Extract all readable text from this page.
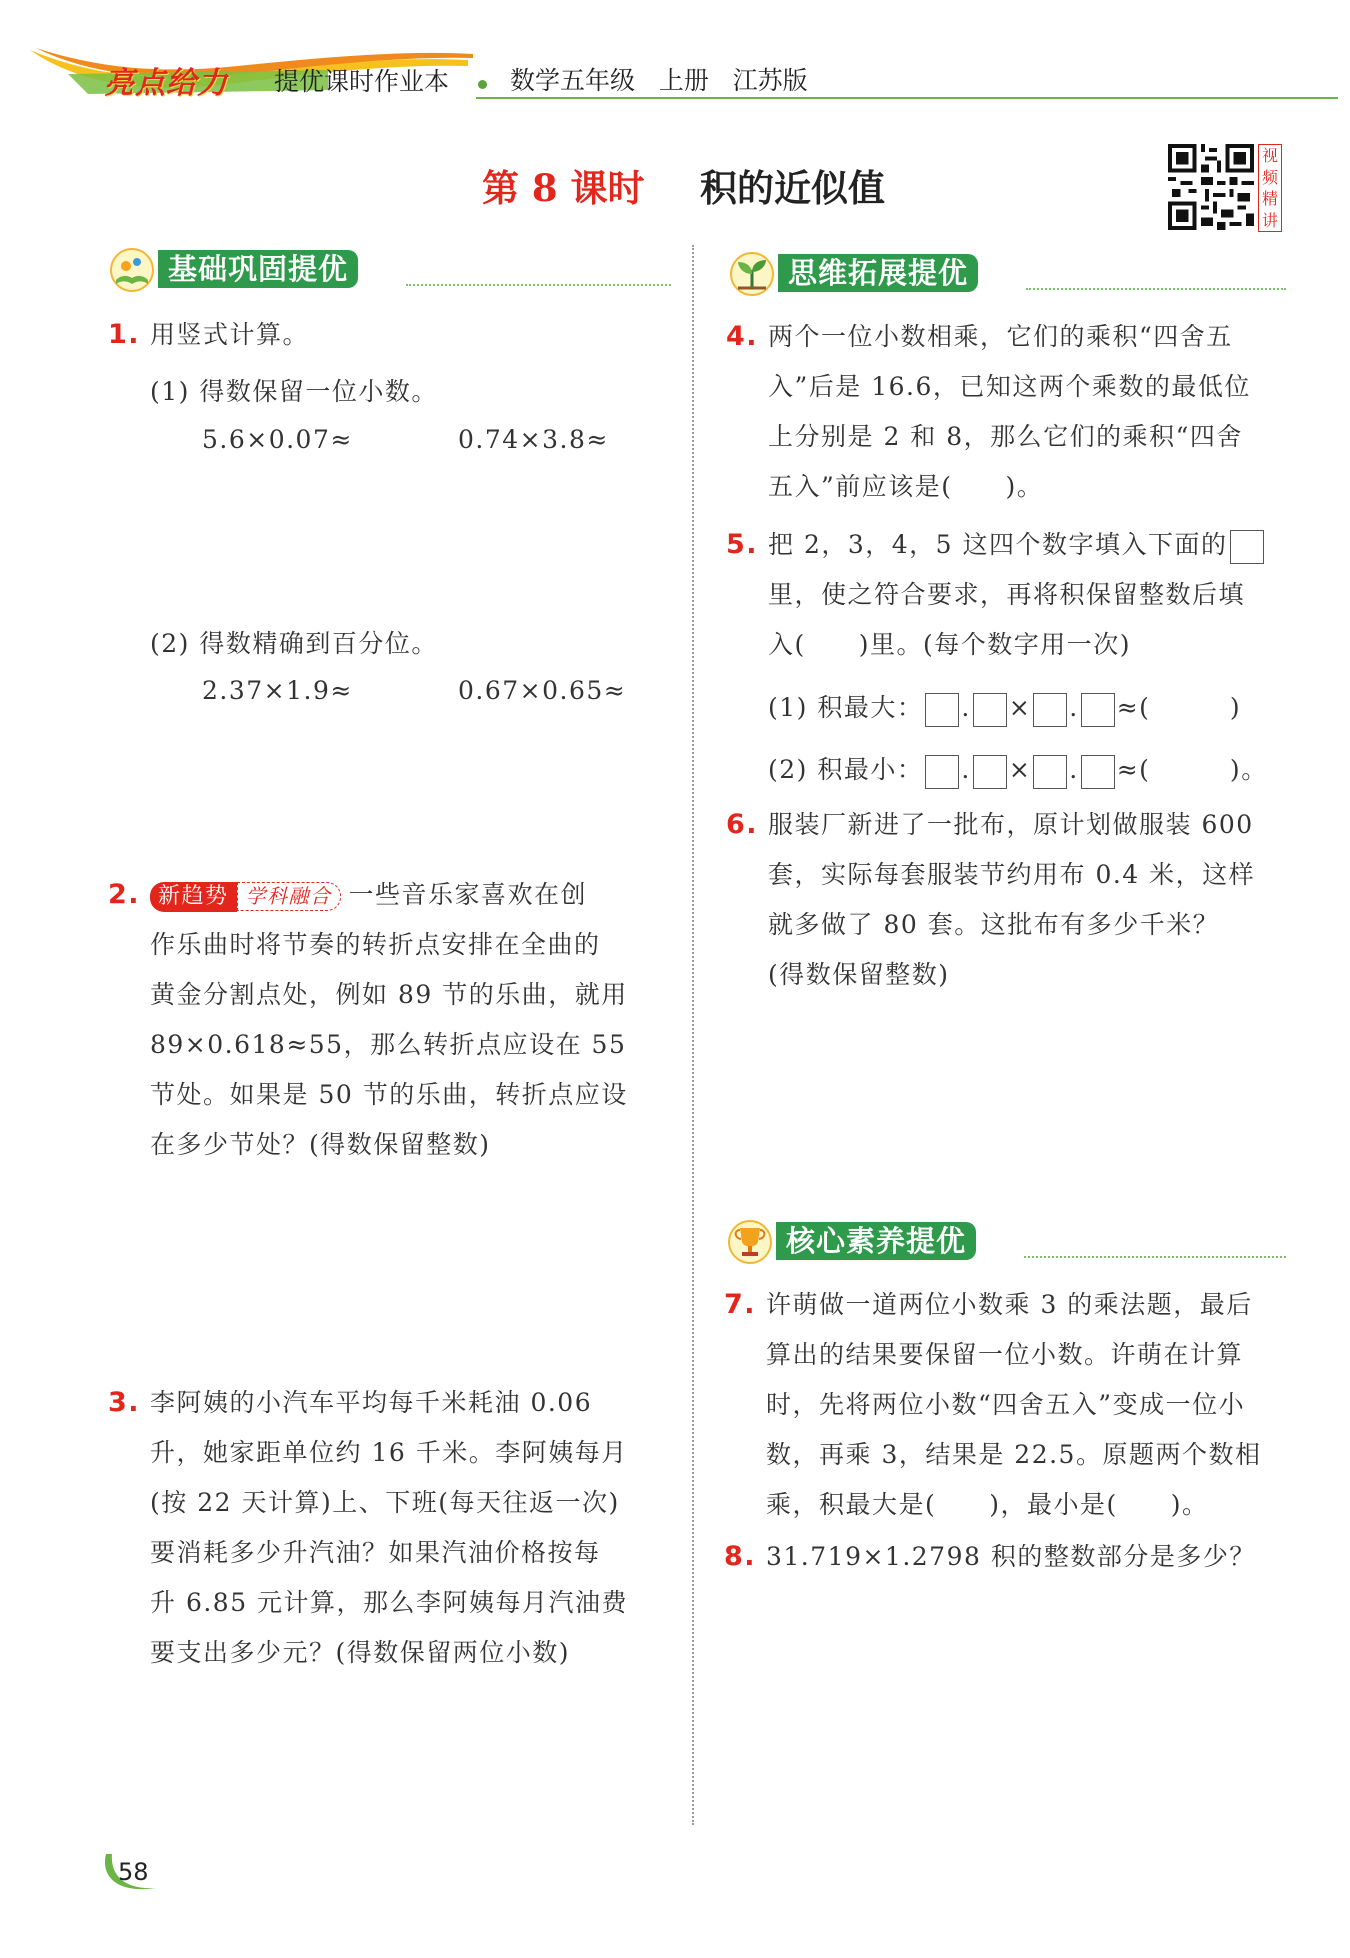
亮点给力 提优课时作业本 数学五年级   上册   江苏版
第 8 课时 积的近似值
视频精讲
基础巩固提优	思维拓展提优
核心素养提优
1. 用竖式计算。
(1) 得数保留一位小数。
5.6×0.07≈	0.74×3.8≈
(2) 得数精确到百分位。
2.37×1.9≈	0.67×0.65≈
2. 新趋势 学科融合 一些音乐家喜欢在创
作乐曲时将节奏的转折点安排在全曲的
黄金分割点处，例如 89 节的乐曲，就用
89×0.618≈55，那么转折点应设在 55
节处。如果是 50 节的乐曲，转折点应设
在多少节处？(得数保留整数)
3. 李阿姨的小汽车平均每千米耗油 0.06
升，她家距单位约 16 千米。李阿姨每月
(按 22 天计算)上、下班(每天往返一次)
要消耗多少升汽油？如果汽油价格按每
升 6.85 元计算，那么李阿姨每月汽油费
要支出多少元？(得数保留两位小数)
4. 两个一位小数相乘，它们的乘积“四舍五
入”后是 16.6，已知这两个乘数的最低位
上分别是 2 和 8，那么它们的乘积“四舍
五入”前应该是(　　)。
5. 把 2，3，4，5 这四个数字填入下面的
里，使之符合要求，再将积保留整数后填
入(　　)里。(每个数字用一次)
(1) 积最大： . × . ≈(　　　)
(2) 积最小： . × . ≈(　　　)。
6. 服装厂新进了一批布，原计划做服装 600
套，实际每套服装节约用布 0.4 米，这样
就多做了 80 套。这批布有多少千米？
(得数保留整数)
7. 许萌做一道两位小数乘 3 的乘法题，最后
算出的结果要保留一位小数。许萌在计算
时，先将两位小数“四舍五入”变成一位小
数，再乘 3，结果是 22.5。原题两个数相
乘，积最大是(　　)，最小是(　　)。
8. 31.719×1.2798 积的整数部分是多少？
58
